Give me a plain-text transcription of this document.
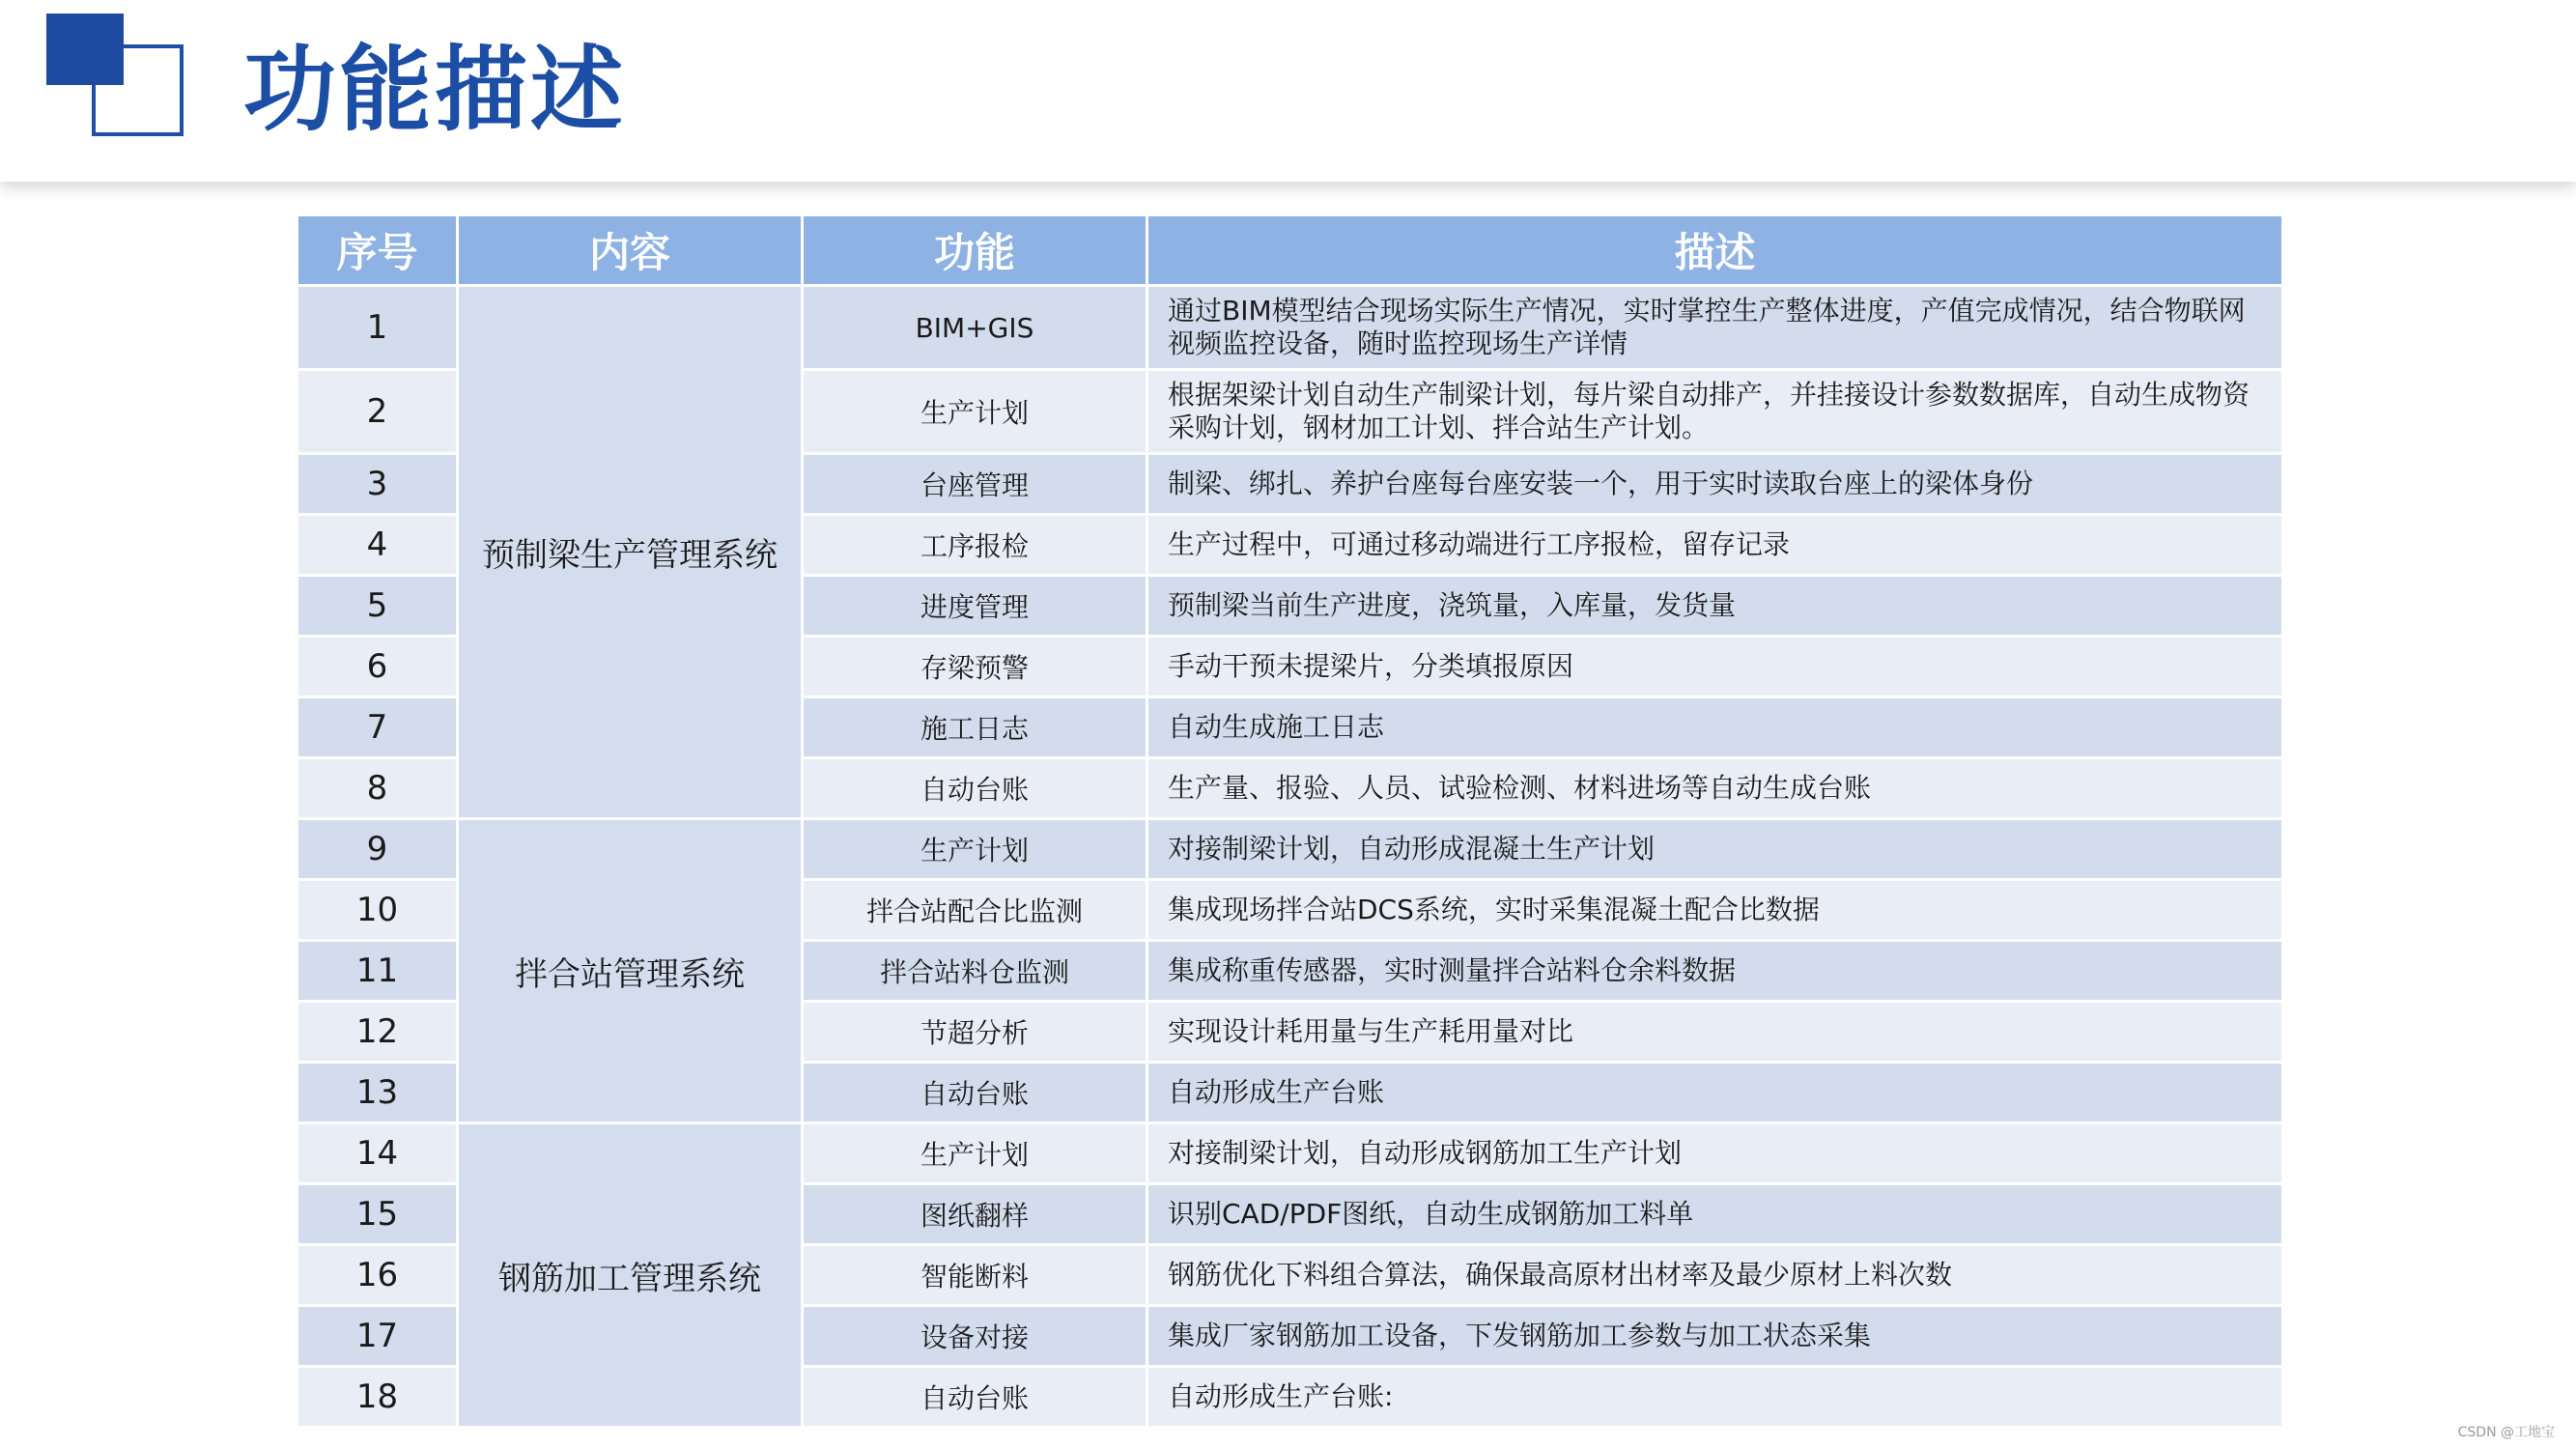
功能描述
序号	内容	功能	描述
1	预制梁生产管理系统	BIM+GIS	通过BIM模型结合现场实际生产情况，实时掌控生产整体进度，产值完成情况，结合物联网视频监控设备，随时监控现场生产详情
2		生产计划	根据架梁计划自动生产制梁计划，每片梁自动排产，并挂接设计参数数据库，自动生成物资采购计划，钢材加工计划、拌合站生产计划。
3		台座管理	制梁、绑扎、养护台座每台座安装一个，用于实时读取台座上的梁体身份
4		工序报检	生产过程中，可通过移动端进行工序报检，留存记录
5		进度管理	预制梁当前生产进度，浇筑量，入库量，发货量
6		存梁预警	手动干预未提梁片，分类填报原因
7		施工日志	自动生成施工日志
8		自动台账	生产量、报验、人员、试验检测、材料进场等自动生成台账
9	拌合站管理系统	生产计划	对接制梁计划，自动形成混凝土生产计划
10		拌合站配合比监测	集成现场拌合站DCS系统，实时采集混凝土配合比数据
11		拌合站料仓监测	集成称重传感器，实时测量拌合站料仓余料数据
12		节超分析	实现设计耗用量与生产耗用量对比
13		自动台账	自动形成生产台账
14	钢筋加工管理系统	生产计划	对接制梁计划，自动形成钢筋加工生产计划
15		图纸翻样	识别CAD/PDF图纸，自动生成钢筋加工料单
16		智能断料	钢筋优化下料组合算法，确保最高原材出材率及最少原材上料次数
17		设备对接	集成厂家钢筋加工设备，下发钢筋加工参数与加工状态采集
18		自动台账	自动形成生产台账:
CSDN @工地宝
